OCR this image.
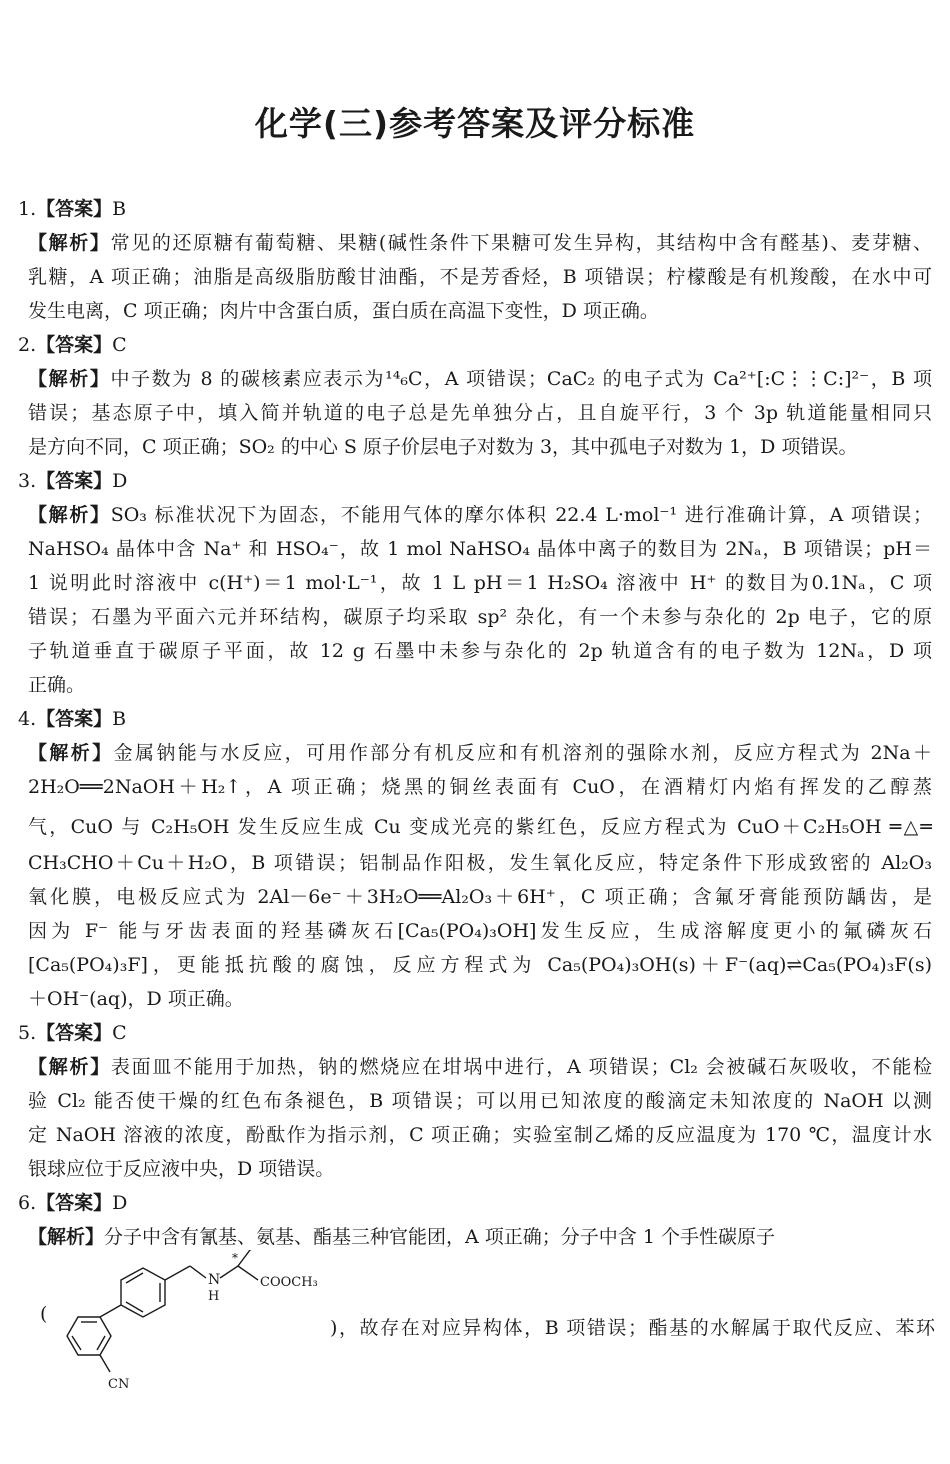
化学(三)参考答案及评分标准
1.【答案】B
【解析】常见的还原糖有葡萄糖、果糖(碱性条件下果糖可发生异构，其结构中含有醛基)、麦芽糖、
乳糖，A 项正确；油脂是高级脂肪酸甘油酯，不是芳香烃，B 项错误；柠檬酸是有机羧酸，在水中可
发生电离，C 项正确；肉片中含蛋白质，蛋白质在高温下变性，D 项正确。
2.【答案】C
【解析】中子数为 8 的碳核素应表示为¹⁴₆C，A 项错误；CaC₂ 的电子式为 Ca²⁺[:C⋮⋮C:]²⁻，B 项
错误；基态原子中，填入简并轨道的电子总是先单独分占，且自旋平行，3 个 3p 轨道能量相同只
是方向不同，C 项正确；SO₂ 的中心 S 原子价层电子对数为 3，其中孤电子对数为 1，D 项错误。
3.【答案】D
【解析】SO₃ 标准状况下为固态，不能用气体的摩尔体积 22.4 L·mol⁻¹ 进行准确计算，A 项错误；
NaHSO₄ 晶体中含 Na⁺ 和 HSO₄⁻，故 1 mol NaHSO₄ 晶体中离子的数目为 2Nₐ，B 项错误；pH＝
1 说明此时溶液中 c(H⁺)＝1 mol·L⁻¹，故 1 L pH＝1 H₂SO₄ 溶液中 H⁺ 的数目为0.1Nₐ，C 项
错误；石墨为平面六元并环结构，碳原子均采取 sp² 杂化，有一个未参与杂化的 2p 电子，它的原
子轨道垂直于碳原子平面，故 12 g 石墨中未参与杂化的 2p 轨道含有的电子数为 12Nₐ，D 项
正确。
4.【答案】B
【解析】金属钠能与水反应，可用作部分有机反应和有机溶剂的强除水剂，反应方程式为 2Na＋
2H₂O══2NaOH＋H₂↑，A 项正确；烧黑的铜丝表面有 CuO，在酒精灯内焰有挥发的乙醇蒸
气，CuO 与 C₂H₅OH 发生反应生成 Cu 变成光亮的紫红色，反应方程式为 CuO＋C₂H₅OH ═△═
CH₃CHO＋Cu＋H₂O，B 项错误；铝制品作阳极，发生氧化反应，特定条件下形成致密的 Al₂O₃
氧化膜，电极反应式为 2Al－6e⁻＋3H₂O══Al₂O₃＋6H⁺，C 项正确；含氟牙膏能预防龋齿，是
因为 F⁻ 能与牙齿表面的羟基磷灰石[Ca₅(PO₄)₃OH]发生反应，生成溶解度更小的氟磷灰石
[Ca₅(PO₄)₃F]，更能抵抗酸的腐蚀，反应方程式为 Ca₅(PO₄)₃OH(s)＋F⁻(aq)⇌Ca₅(PO₄)₃F(s)
＋OH⁻(aq)，D 项正确。
5.【答案】C
【解析】表面皿不能用于加热，钠的燃烧应在坩埚中进行，A 项错误；Cl₂ 会被碱石灰吸收，不能检
验 Cl₂ 能否使干燥的红色布条褪色，B 项错误；可以用已知浓度的酸滴定未知浓度的 NaOH 以测
定 NaOH 溶液的浓度，酚酞作为指示剂，C 项正确；实验室制乙烯的反应温度为 170 ℃，温度计水
银球应位于反应液中央，D 项错误。
6.【答案】D
【解析】分子中含有氰基、氨基、酯基三种官能团，A 项正确；分子中含 1 个手性碳原子
N
H
*
COOCH₃
CN
(
)，故存在对应异构体，B 项错误；酯基的水解属于取代反应、苯环
